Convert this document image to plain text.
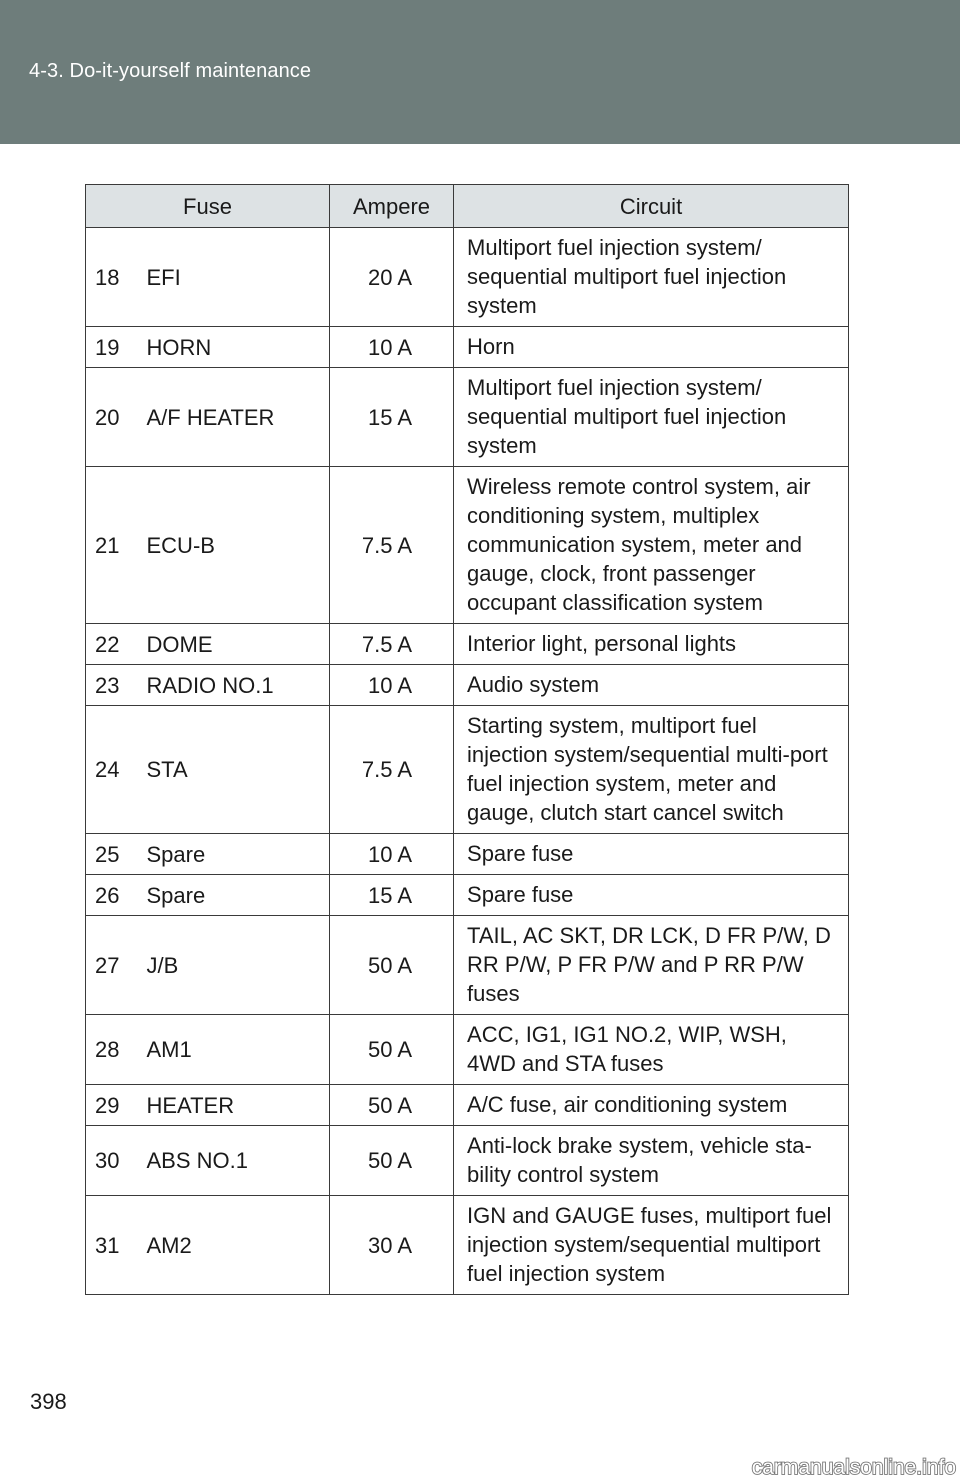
4-3. Do-it-yourself maintenance
Fuse		Ampere	Circuit
18	EFI	20 A	Multiport fuel injection system/ sequential multiport fuel injection system
19	HORN	10 A	Horn
20	A/F HEATER	15 A	Multiport fuel injection system/ sequential multiport fuel injection system
21	ECU-B	7.5 A	Wireless remote control system, air conditioning system, multiplex communication system, meter and gauge, clock, front passenger occupant classification system
22	DOME	7.5 A	Interior light, personal lights
23	RADIO NO.1	10 A	Audio system
24	STA	7.5 A	Starting system, multiport fuel injection system/sequential multi-port fuel injection system, meter and gauge, clutch start cancel switch
25	Spare	10 A	Spare fuse
26	Spare	15 A	Spare fuse
27	J/B	50 A	TAIL, AC SKT, DR LCK, D FR P/W, D RR P/W, P FR P/W and P RR P/W fuses
28	AM1	50 A	ACC, IG1, IG1 NO.2, WIP, WSH, 4WD and STA fuses
29	HEATER	50 A	A/C fuse, air conditioning system
30	ABS NO.1	50 A	Anti-lock brake system, vehicle sta-bility control system
31	AM2	30 A	IGN and GAUGE fuses, multiport fuel injection system/sequential multiport fuel injection system
398
carmanualsonline.info
